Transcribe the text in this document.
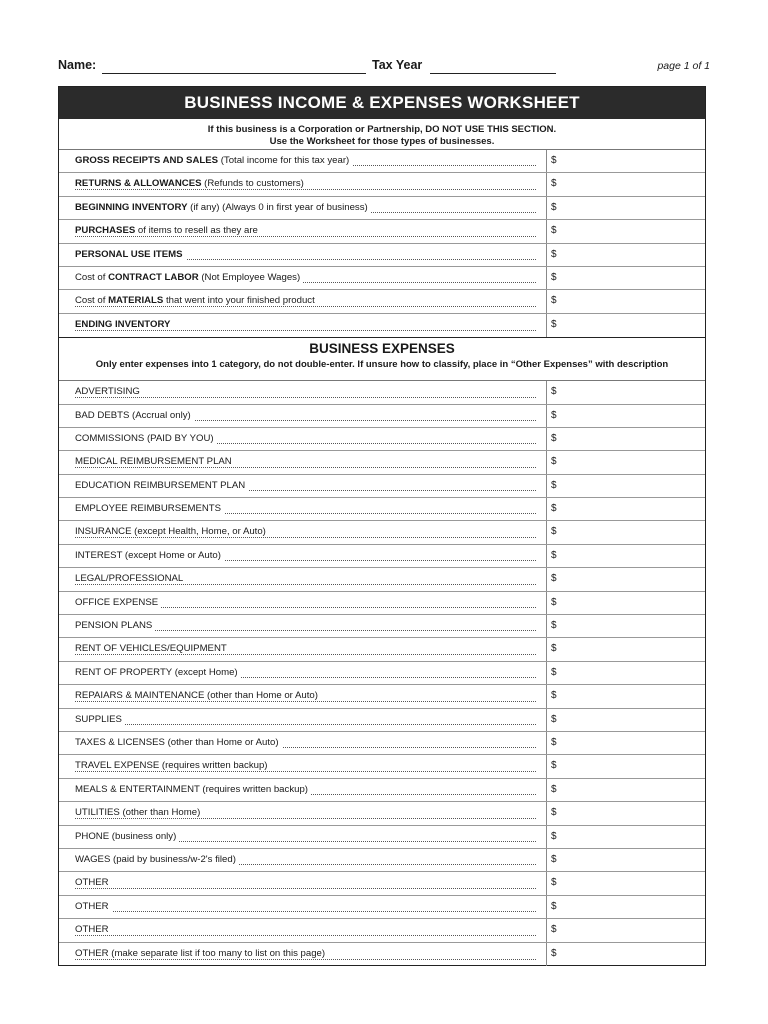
Name:	Tax Year	page 1 of 1
BUSINESS INCOME & EXPENSES WORKSHEET
If this business is a Corporation or Partnership, DO NOT USE THIS SECTION.
Use the Worksheet for those types of businesses.
GROSS RECEIPTS AND SALES (Total income for this tax year)	$
RETURNS & ALLOWANCES (Refunds to customers)	$
BEGINNING INVENTORY (if any) (Always 0 in first year of business)	$
PURCHASES of items to resell as they are	$
PERSONAL USE ITEMS	$
Cost of CONTRACT LABOR (Not Employee Wages)	$
Cost of MATERIALS that went into your finished product	$
ENDING INVENTORY	$
BUSINESS EXPENSES
Only enter expenses into 1 category, do not double-enter. If unsure how to classify, place in “Other Expenses” with description
ADVERTISING	$
BAD DEBTS (Accrual only)	$
COMMISSIONS (PAID BY YOU)	$
MEDICAL REIMBURSEMENT PLAN	$
EDUCATION REIMBURSEMENT PLAN	$
EMPLOYEE REIMBURSEMENTS	$
INSURANCE (except Health, Home, or Auto)	$
INTEREST (except Home or Auto)	$
LEGAL/PROFESSIONAL	$
OFFICE EXPENSE	$
PENSION PLANS	$
RENT OF VEHICLES/EQUIPMENT	$
RENT OF PROPERTY (except Home)	$
REPAIARS & MAINTENANCE (other than Home or Auto)	$
SUPPLIES	$
TAXES & LICENSES (other than Home or Auto)	$
TRAVEL EXPENSE (requires written backup)	$
MEALS & ENTERTAINMENT (requires written backup)	$
UTILITIES (other than Home)	$
PHONE (business only)	$
WAGES (paid by business/w-2's filed)	$
OTHER	$
OTHER	$
OTHER	$
OTHER (make separate list if too many to list on this page)	$
